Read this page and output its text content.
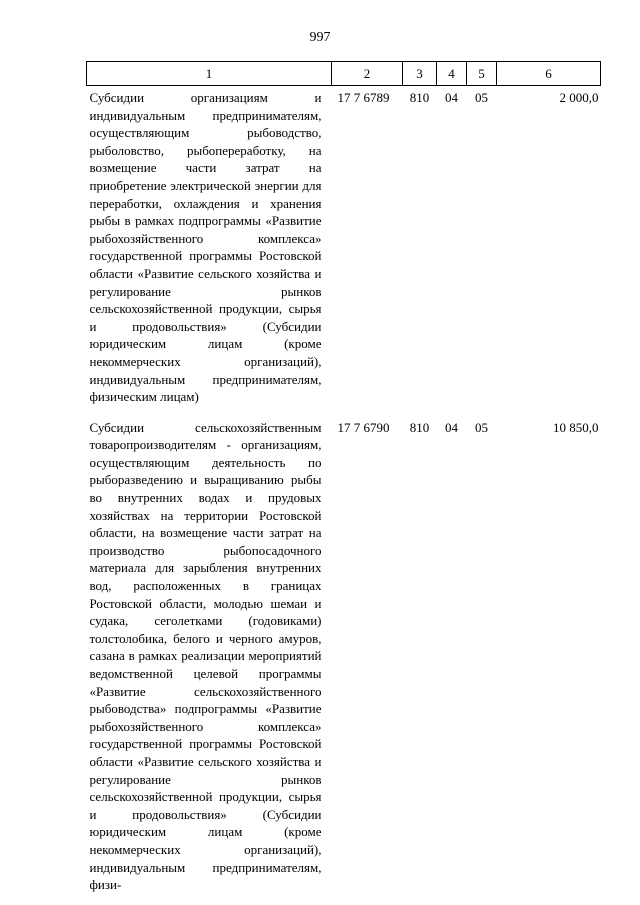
997
1	2	3	4	5	6
Субсидии организациям и индивидуальным предпринимателям, осуществляющим рыбоводство, рыболовство, рыбопереработку, на возмещение части затрат на приобретение электрической энергии для переработки, охлаждения и хранения рыбы в рамках подпрограммы «Развитие рыбохозяйственного комплекса» государственной программы Ростовской области «Развитие сельского хозяйства и регулирование рынков сельскохозяйственной продукции, сырья и продовольствия» (Субсидии юридическим лицам (кроме некоммерческих организаций), индивидуальным предпринимателям, физическим лицам)	17 7 6789	810	04	05	2 000,0
Субсидии сельскохозяйственным товаропроизводителям - организациям, осуществляющим деятельность по рыборазведению и выращиванию рыбы во внутренних водах и прудовых хозяйствах на территории Ростовской области, на возмещение части затрат на производство рыбопосадочного материала для зарыбления внутренних вод, расположенных в границах Ростовской области, молодью шемаи и судака, сеголетками (годовиками) толстолобика, белого и черного амуров, сазана в рамках реализации мероприятий ведомственной целевой программы «Развитие сельскохозяйственного рыбоводства» подпрограммы «Развитие рыбохозяйственного комплекса» государственной программы Ростовской области «Развитие сельского хозяйства и регулирование рынков сельскохозяйственной продукции, сырья и продовольствия» (Субсидии юридическим лицам (кроме некоммерческих организаций), индивидуальным предпринимателям, физи-	17 7 6790	810	04	05	10 850,0
